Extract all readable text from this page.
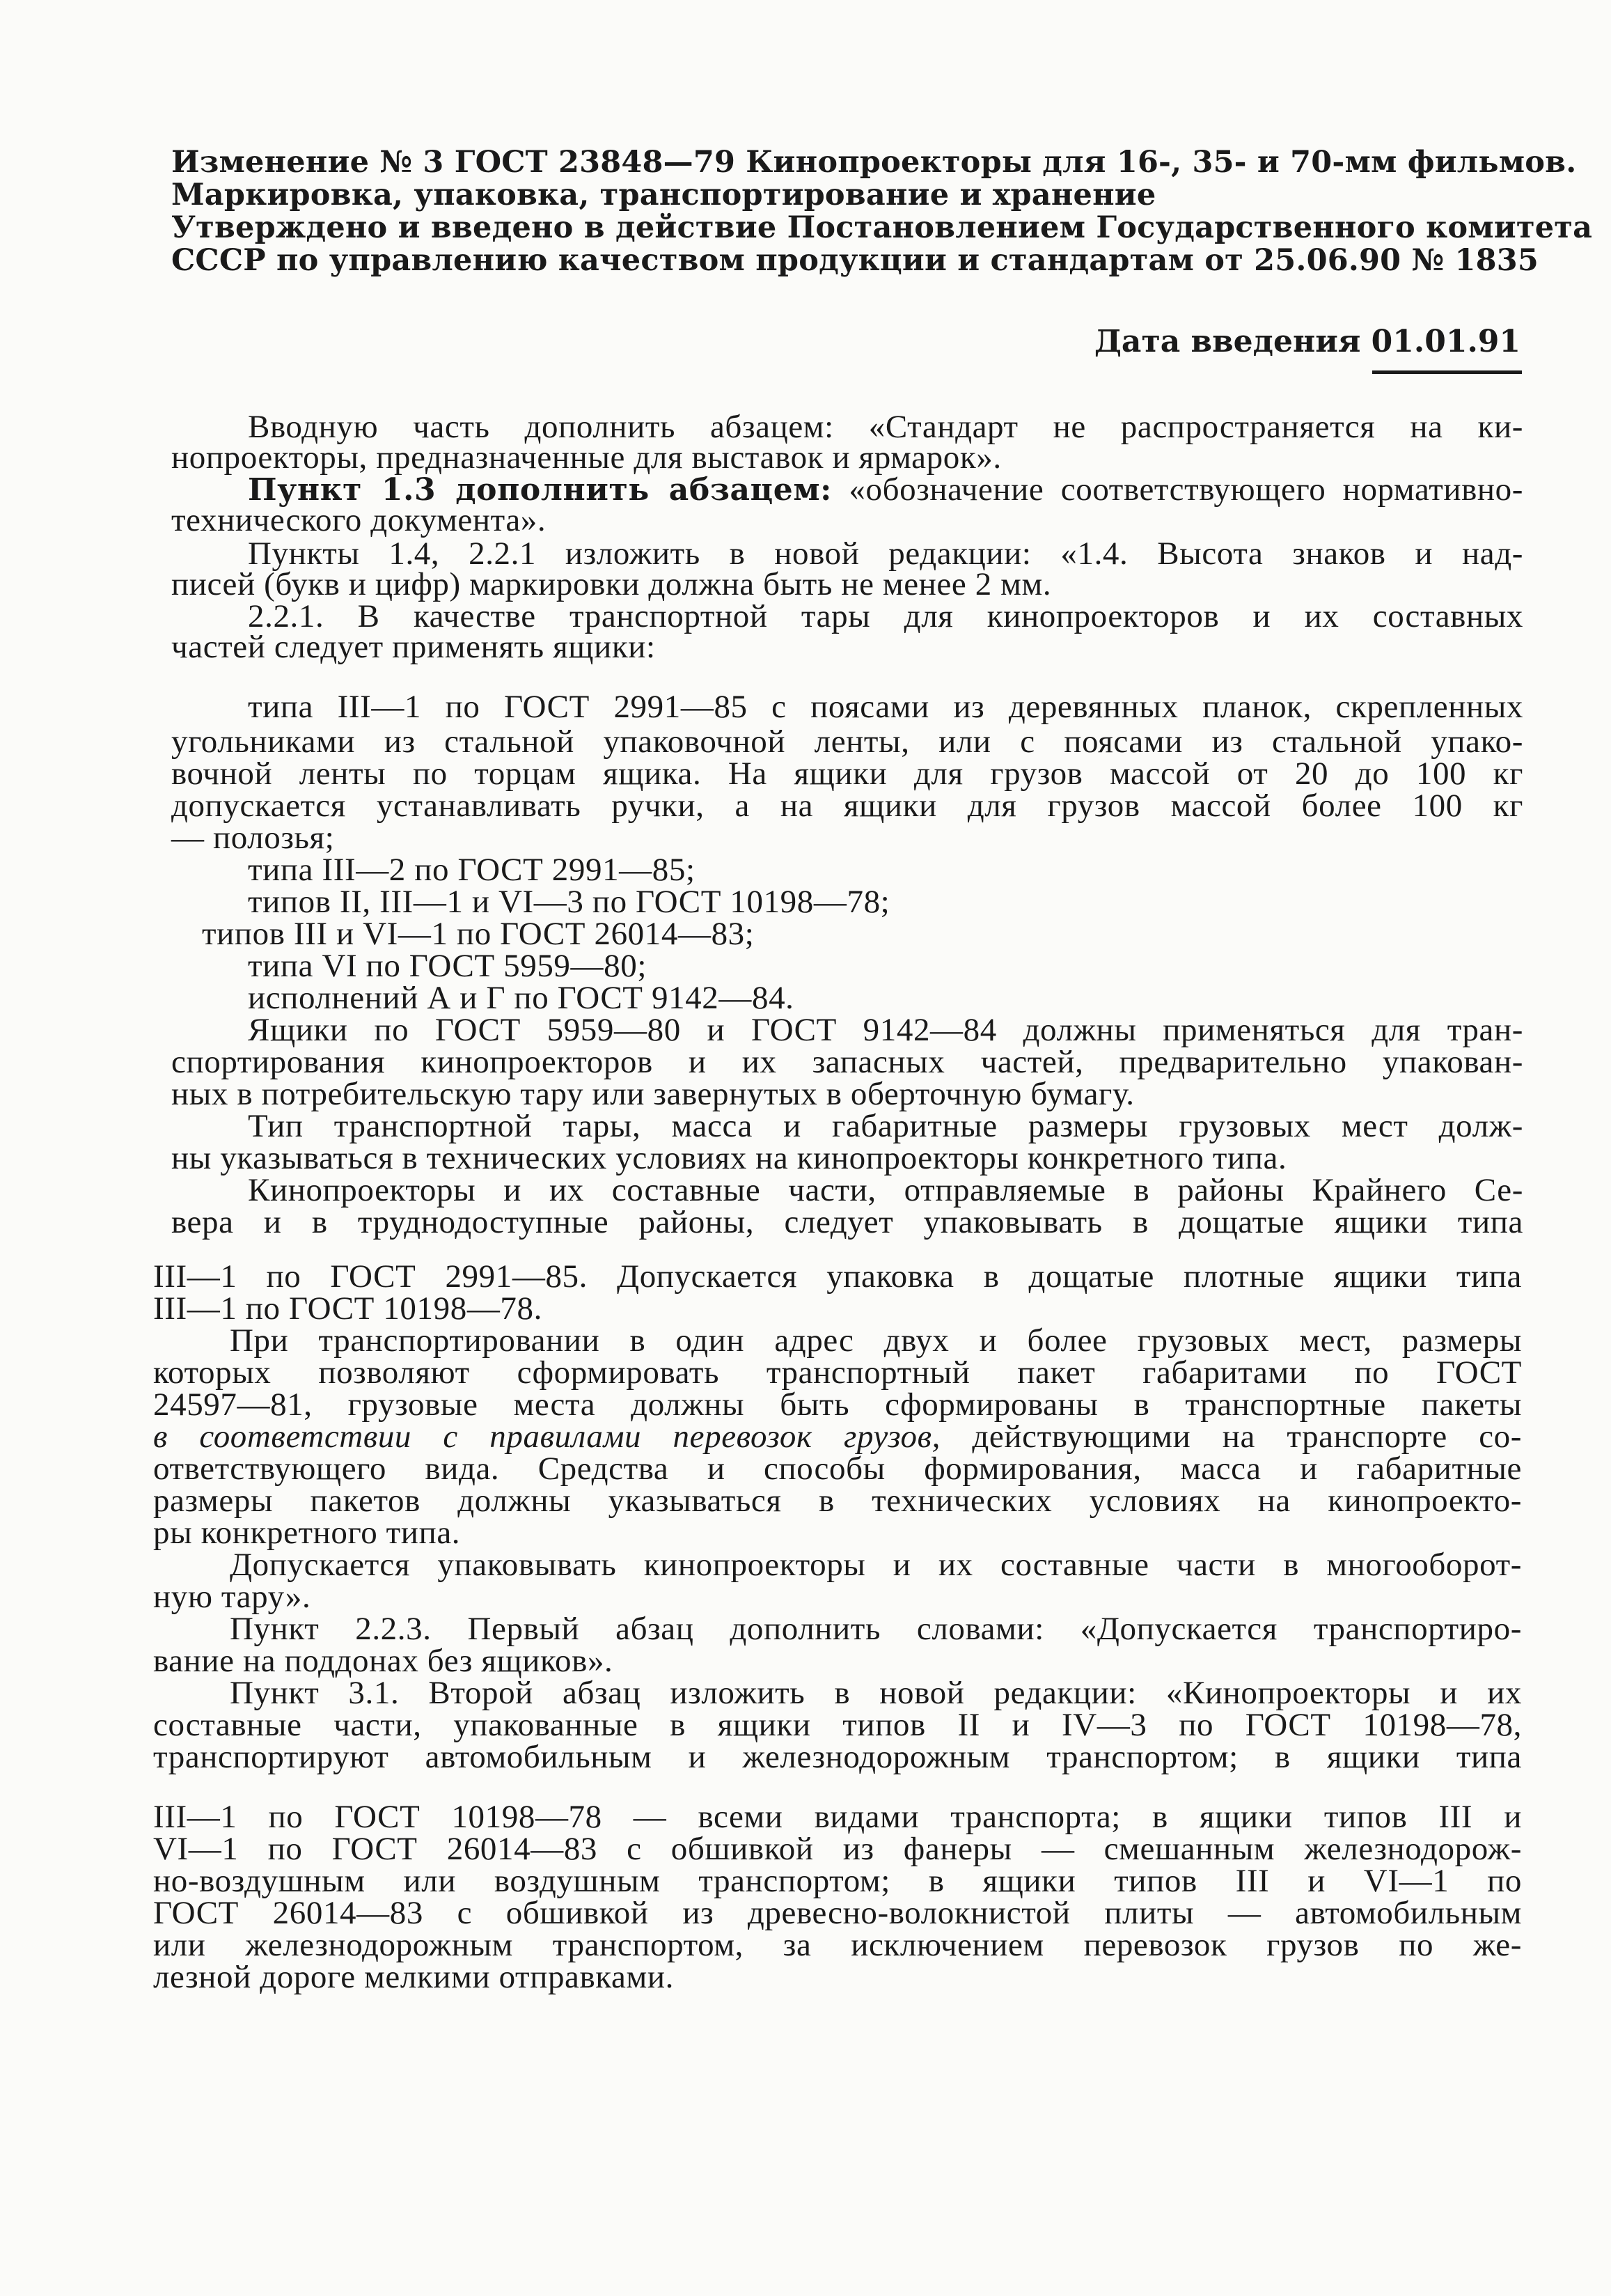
Изменение № 3 ГОСТ 23848—79 Кинопроекторы для 16-, 35- и 70-мм фильмов.
Маркировка, упаковка, транспортирование и хранение
Утверждено и введено в действие Постановлением Государственного комитета
СССР по управлению качеством продукции и стандартам от 25.06.90 № 1835
Дата введения 01.01.91
Вводную часть дополнить абзацем: «Стандарт не распространяется на ки-
нопроекторы, предназначенные для выставок и ярмарок».
Пункт 1.3 дополнить абзацем: «обозначение соответствующего нормативно-
технического документа».
Пункты 1.4, 2.2.1 изложить в новой редакции: «1.4. Высота знаков и над-
писей (букв и цифр) маркировки должна быть не менее 2 мм.
2.2.1. В качестве транспортной тары для кинопроекторов и их составных
частей следует применять ящики:
типа III—1 по ГОСТ 2991—85 с поясами из деревянных планок, скрепленных
угольниками из стальной упаковочной ленты, или с поясами из стальной упако-
вочной ленты по торцам ящика. На ящики для грузов массой от 20 до 100 кг
допускается устанавливать ручки, а на ящики для грузов массой более 100 кг
— полозья;
типа III—2 по ГОСТ 2991—85;
типов II, III—1 и VI—3 по ГОСТ 10198—78;
типов III и VI—1 по ГОСТ 26014—83;
типа VI по ГОСТ 5959—80;
исполнений А и Г по ГОСТ 9142—84.
Ящики по ГОСТ 5959—80 и ГОСТ 9142—84 должны применяться для тран-
спортирования кинопроекторов и их запасных частей, предварительно упакован-
ных в потребительскую тару или завернутых в оберточную бумагу.
Тип транспортной тары, масса и габаритные размеры грузовых мест долж-
ны указываться в технических условиях на кинопроекторы конкретного типа.
Кинопроекторы и их составные части, отправляемые в районы Крайнего Се-
вера и в труднодоступные районы, следует упаковывать в дощатые ящики типа
III—1 по ГОСТ 2991—85. Допускается упаковка в дощатые плотные ящики типа
III—1 по ГОСТ 10198—78.
При транспортировании в один адрес двух и более грузовых мест, размеры
которых позволяют сформировать транспортный пакет габаритами по ГОСТ
24597—81, грузовые места должны быть сформированы в транспортные пакеты
в соответствии с правилами перевозок грузов, действующими на транспорте со-
ответствующего вида. Средства и способы формирования, масса и габаритные
размеры пакетов должны указываться в технических условиях на кинопроекто-
ры конкретного типа.
Допускается упаковывать кинопроекторы и их составные части в многооборот-
ную тару».
Пункт 2.2.3. Первый абзац дополнить словами: «Допускается транспортиро-
вание на поддонах без ящиков».
Пункт 3.1. Второй абзац изложить в новой редакции: «Кинопроекторы и их
составные части, упакованные в ящики типов II и IV—3 по ГОСТ 10198—78,
транспортируют автомобильным и железнодорожным транспортом; в ящики типа
III—1 по ГОСТ 10198—78 — всеми видами транспорта; в ящики типов III и
VI—1 по ГОСТ 26014—83 с обшивкой из фанеры — смешанным железнодорож-
но-воздушным или воздушным транспортом; в ящики типов III и VI—1 по
ГОСТ 26014—83 с обшивкой из древесно-волокнистой плиты — автомобильным
или железнодорожным транспортом, за исключением перевозок грузов по же-
лезной дороге мелкими отправками.
